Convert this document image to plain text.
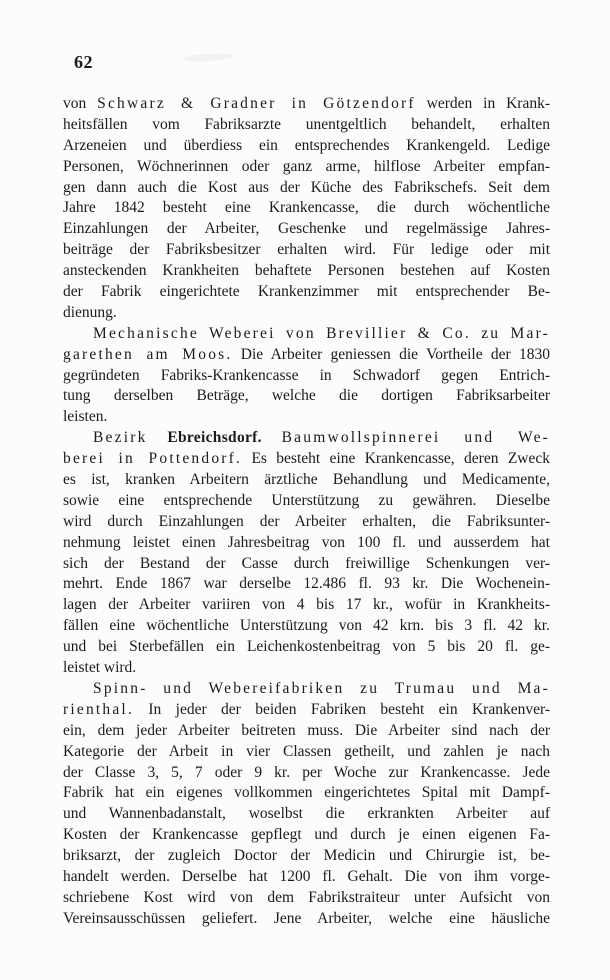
62
von Schwarz & Gradner in Götzendorf werden in Krank-
heitsfällen vom Fabriksarzte unentgeltlich behandelt, erhalten
Arzeneien und überdiess ein entsprechendes Krankengeld. Ledige
Personen, Wöchnerinnen oder ganz arme, hilflose Arbeiter empfan-
gen dann auch die Kost aus der Küche des Fabrikschefs. Seit dem
Jahre 1842 besteht eine Krankencasse, die durch wöchentliche
Einzahlungen der Arbeiter, Geschenke und regelmässige Jahres-
beiträge der Fabriksbesitzer erhalten wird. Für ledige oder mit
ansteckenden Krankheiten behaftete Personen bestehen auf Kosten
der Fabrik eingerichtete Krankenzimmer mit entsprechender Be-
dienung.
Mechanische Weberei von Brevillier & Co. zu Mar-
garethen am Moos. Die Arbeiter geniessen die Vortheile der 1830
gegründeten Fabriks-Krankencasse in Schwadorf gegen Entrich-
tung derselben Beträge, welche die dortigen Fabriksarbeiter
leisten.
Bezirk Ebreichsdorf. Baumwollspinnerei und We-
berei in Pottendorf. Es besteht eine Krankencasse, deren Zweck
es ist, kranken Arbeitern ärztliche Behandlung und Medicamente,
sowie eine entsprechende Unterstützung zu gewähren. Dieselbe
wird durch Einzahlungen der Arbeiter erhalten, die Fabriksunter-
nehmung leistet einen Jahresbeitrag von 100 fl. und ausserdem hat
sich der Bestand der Casse durch freiwillige Schenkungen ver-
mehrt. Ende 1867 war derselbe 12.486 fl. 93 kr. Die Wochenein-
lagen der Arbeiter variiren von 4 bis 17 kr., wofür in Krankheits-
fällen eine wöchentliche Unterstützung von 42 krn. bis 3 fl. 42 kr.
und bei Sterbefällen ein Leichenkostenbeitrag von 5 bis 20 fl. ge-
leistet wird.
Spinn- und Webereifabriken zu Trumau und Ma-
rienthal. In jeder der beiden Fabriken besteht ein Krankenver-
ein, dem jeder Arbeiter beitreten muss. Die Arbeiter sind nach der
Kategorie der Arbeit in vier Classen getheilt, und zahlen je nach
der Classe 3, 5, 7 oder 9 kr. per Woche zur Krankencasse. Jede
Fabrik hat ein eigenes vollkommen eingerichtetes Spital mit Dampf-
und Wannenbadanstalt, woselbst die erkrankten Arbeiter auf
Kosten der Krankencasse gepflegt und durch je einen eigenen Fa-
briksarzt, der zugleich Doctor der Medicin und Chirurgie ist, be-
handelt werden. Derselbe hat 1200 fl. Gehalt. Die von ihm vorge-
schriebene Kost wird von dem Fabrikstraiteur unter Aufsicht von
Vereinsausschüssen geliefert. Jene Arbeiter, welche eine häusliche
